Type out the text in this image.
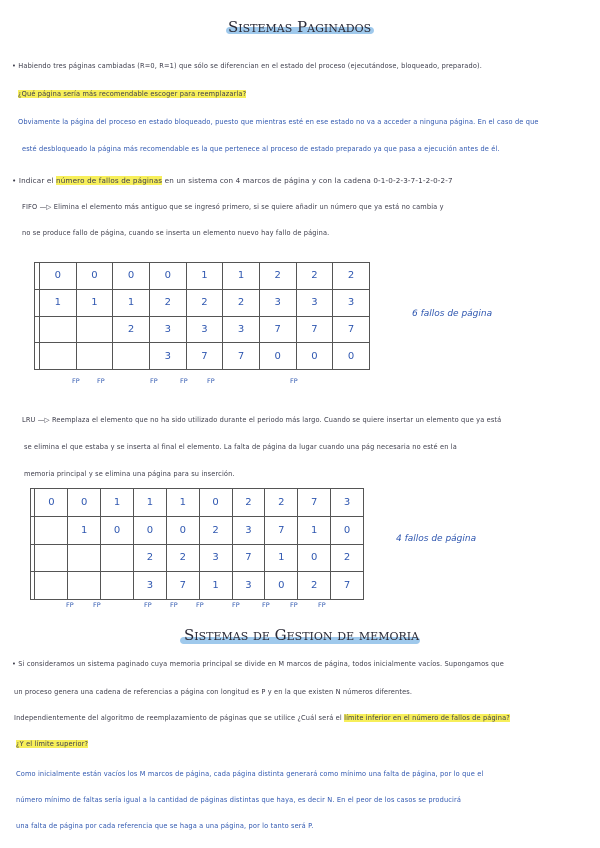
Sistemas Paginados
• Habiendo tres páginas cambiadas (R=0, R=1) que sólo se diferencian en el estado del proceso (ejecutándose, bloqueado, preparado).
¿Qué página sería más recomendable escoger para reemplazarla?
Obviamente la página del proceso en estado bloqueado, puesto que mientras esté en ese estado no va a acceder a ninguna página. En el caso de que
esté desbloqueado la página más recomendable es la que pertenece al proceso de estado preparado ya que pasa a ejecución antes de él.
• Indicar el número de fallos de páginas en un sistema con 4 marcos de página y con la cadena 0-1-0-2-3-7-1-2-0-2-7
FIFO —▷ Elimina el elemento más antiguo que se ingresó primero, si se quiere añadir un número que ya está no cambia y
no se produce fallo de página, cuando se inserta un elemento nuevo hay fallo de página.
	0	0	0	0	1	1	2	2	2
	1	1	1	2	2	2	3	3	3
			2	3	3	3	7	7	7
				3	7	7	0	0	0
6 fallos de página
FP	FP	FP	FP	FP	FP
LRU —▷ Reemplaza el elemento que no ha sido utilizado durante el periodo más largo. Cuando se quiere insertar un elemento que ya está
se elimina el que estaba y se inserta al final el elemento. La falta de página da lugar cuando una pág necesaria no esté en la
memoria principal y se elimina una página para su inserción.
	0	0	1	1	1	0	2	2	7	3
		1	0	0	0	2	3	7	1	0
				2	2	3	7	1	0	2
				3	7	1	3	0	2	7
4 fallos de página
FP	FP	FP	FP	FP	FP	FP	FP	FP
Sistemas de Gestion de memoria
• Si consideramos un sistema paginado cuya memoria principal se divide en M marcos de página, todos inicialmente vacíos. Supongamos que
un proceso genera una cadena de referencias a página con longitud es P y en la que existen N números diferentes.
Independientemente del algoritmo de reemplazamiento de páginas que se utilice ¿Cuál será el límite inferior en el número de fallos de página?
¿Y el límite superior?
Como inicialmente están vacíos los M marcos de página, cada página distinta generará como mínimo una falta de página, por lo que el
número mínimo de faltas sería igual a la cantidad de páginas distintas que haya, es decir N. En el peor de los casos se producirá
una falta de página por cada referencia que se haga a una página, por lo tanto será P.
